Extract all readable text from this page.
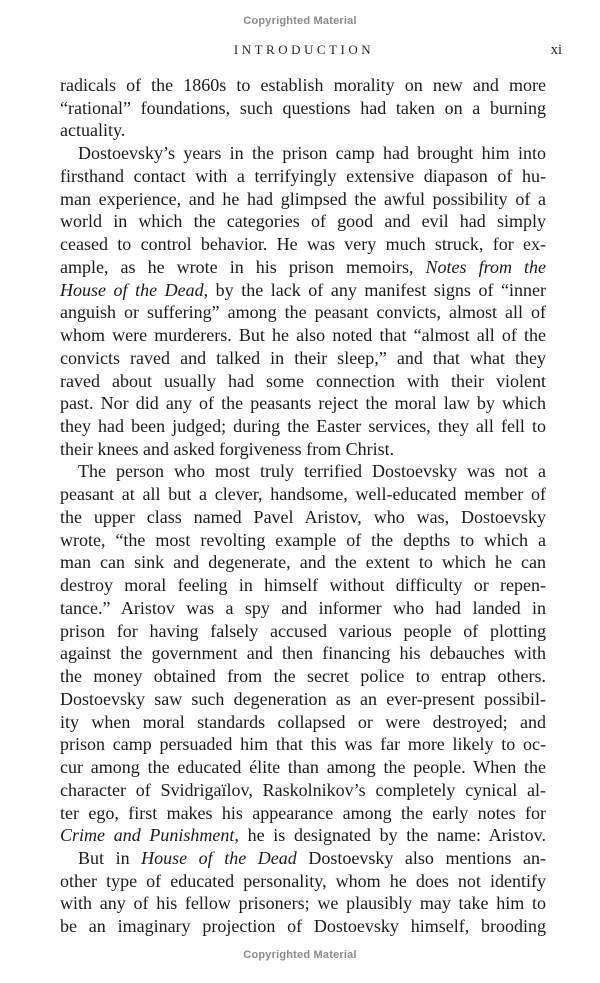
Copyrighted Material
INTRODUCTION	xi
radicals of the 1860s to establish morality on new and more
“rational” foundations, such questions had taken on a burning
actuality.
Dostoevsky’s years in the prison camp had brought him into
firsthand contact with a terrifyingly extensive diapason of hu-
man experience, and he had glimpsed the awful possibility of a
world in which the categories of good and evil had simply
ceased to control behavior. He was very much struck, for ex-
ample, as he wrote in his prison memoirs, Notes from the
House of the Dead, by the lack of any manifest signs of “inner
anguish or suffering” among the peasant convicts, almost all of
whom were murderers. But he also noted that “almost all of the
convicts raved and talked in their sleep,” and that what they
raved about usually had some connection with their violent
past. Nor did any of the peasants reject the moral law by which
they had been judged; during the Easter services, they all fell to
their knees and asked forgiveness from Christ.
The person who most truly terrified Dostoevsky was not a
peasant at all but a clever, handsome, well-educated member of
the upper class named Pavel Aristov, who was, Dostoevsky
wrote, “the most revolting example of the depths to which a
man can sink and degenerate, and the extent to which he can
destroy moral feeling in himself without difficulty or repen-
tance.” Aristov was a spy and informer who had landed in
prison for having falsely accused various people of plotting
against the government and then financing his debauches with
the money obtained from the secret police to entrap others.
Dostoevsky saw such degeneration as an ever-present possibil-
ity when moral standards collapsed or were destroyed; and
prison camp persuaded him that this was far more likely to oc-
cur among the educated élite than among the people. When the
character of Svidrigaïlov, Raskolnikov’s completely cynical al-
ter ego, first makes his appearance among the early notes for
Crime and Punishment, he is designated by the name: Aristov.
But in House of the Dead Dostoevsky also mentions an-
other type of educated personality, whom he does not identify
with any of his fellow prisoners; we plausibly may take him to
be an imaginary projection of Dostoevsky himself, brooding
Copyrighted Material
